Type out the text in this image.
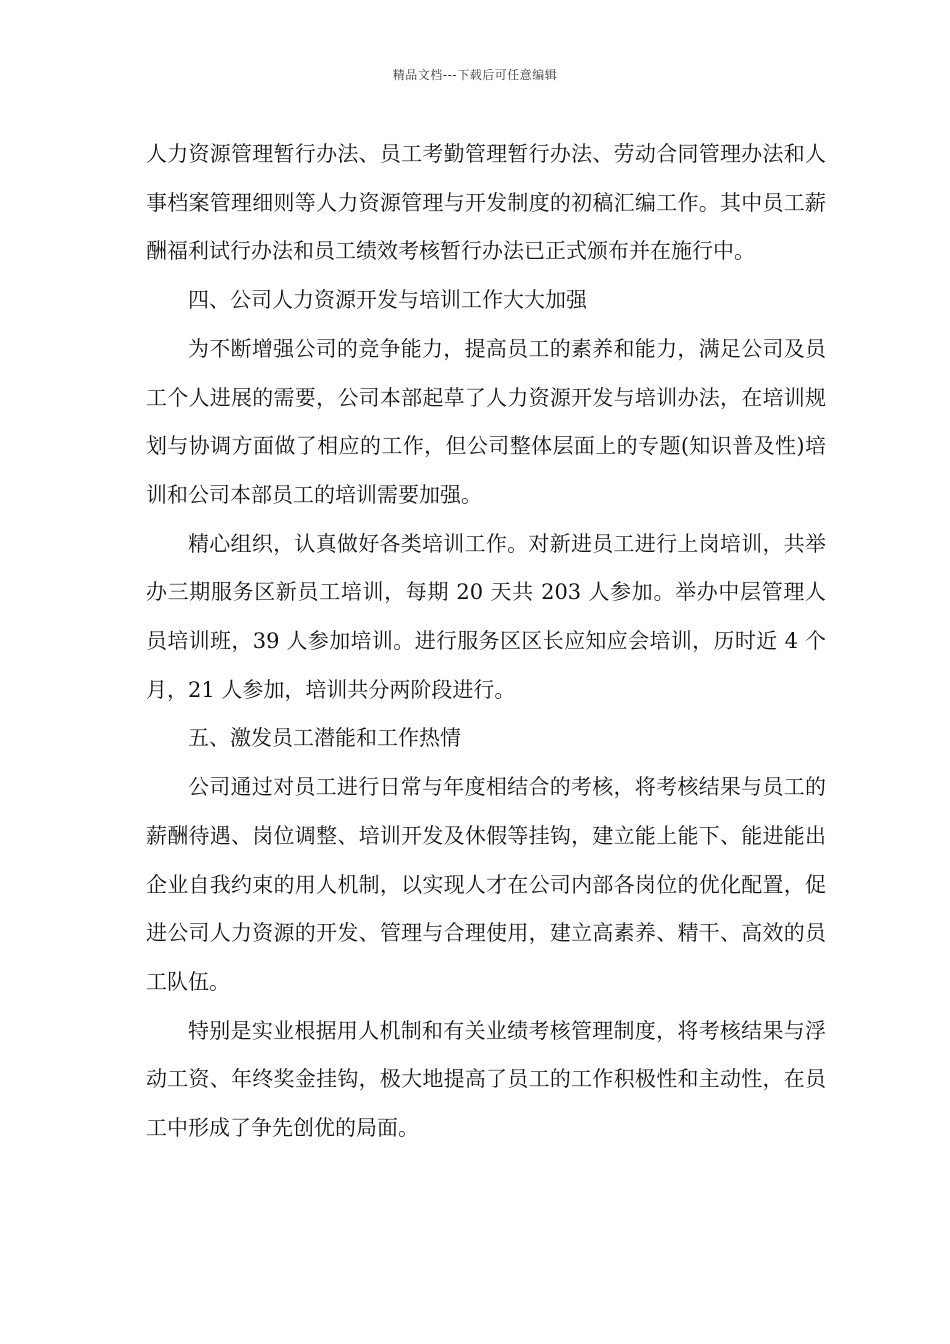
精品文档---下载后可任意编辑

人力资源管理暂行办法、员工考勤管理暂行办法、劳动合同管理办法和人事档案管理细则等人力资源管理与开发制度的初稿汇编工作。其中员工薪酬福利试行办法和员工绩效考核暂行办法已正式颁布并在施行中。

四、公司人力资源开发与培训工作大大加强

为不断增强公司的竞争能力，提高员工的素养和能力，满足公司及员工个人进展的需要，公司本部起草了人力资源开发与培训办法，在培训规划与协调方面做了相应的工作，但公司整体层面上的专题(知识普及性)培训和公司本部员工的培训需要加强。

精心组织，认真做好各类培训工作。对新进员工进行上岗培训，共举办三期服务区新员工培训，每期 20 天共 203 人参加。举办中层管理人员培训班，39 人参加培训。进行服务区区长应知应会培训，历时近 4 个月，21 人参加，培训共分两阶段进行。

五、激发员工潜能和工作热情

公司通过对员工进行日常与年度相结合的考核，将考核结果与员工的薪酬待遇、岗位调整、培训开发及休假等挂钩，建立能上能下、能进能出企业自我约束的用人机制，以实现人才在公司内部各岗位的优化配置，促进公司人力资源的开发、管理与合理使用，建立高素养、精干、高效的员工队伍。

特别是实业根据用人机制和有关业绩考核管理制度，将考核结果与浮动工资、年终奖金挂钩，极大地提高了员工的工作积极性和主动性，在员工中形成了争先创优的局面。
